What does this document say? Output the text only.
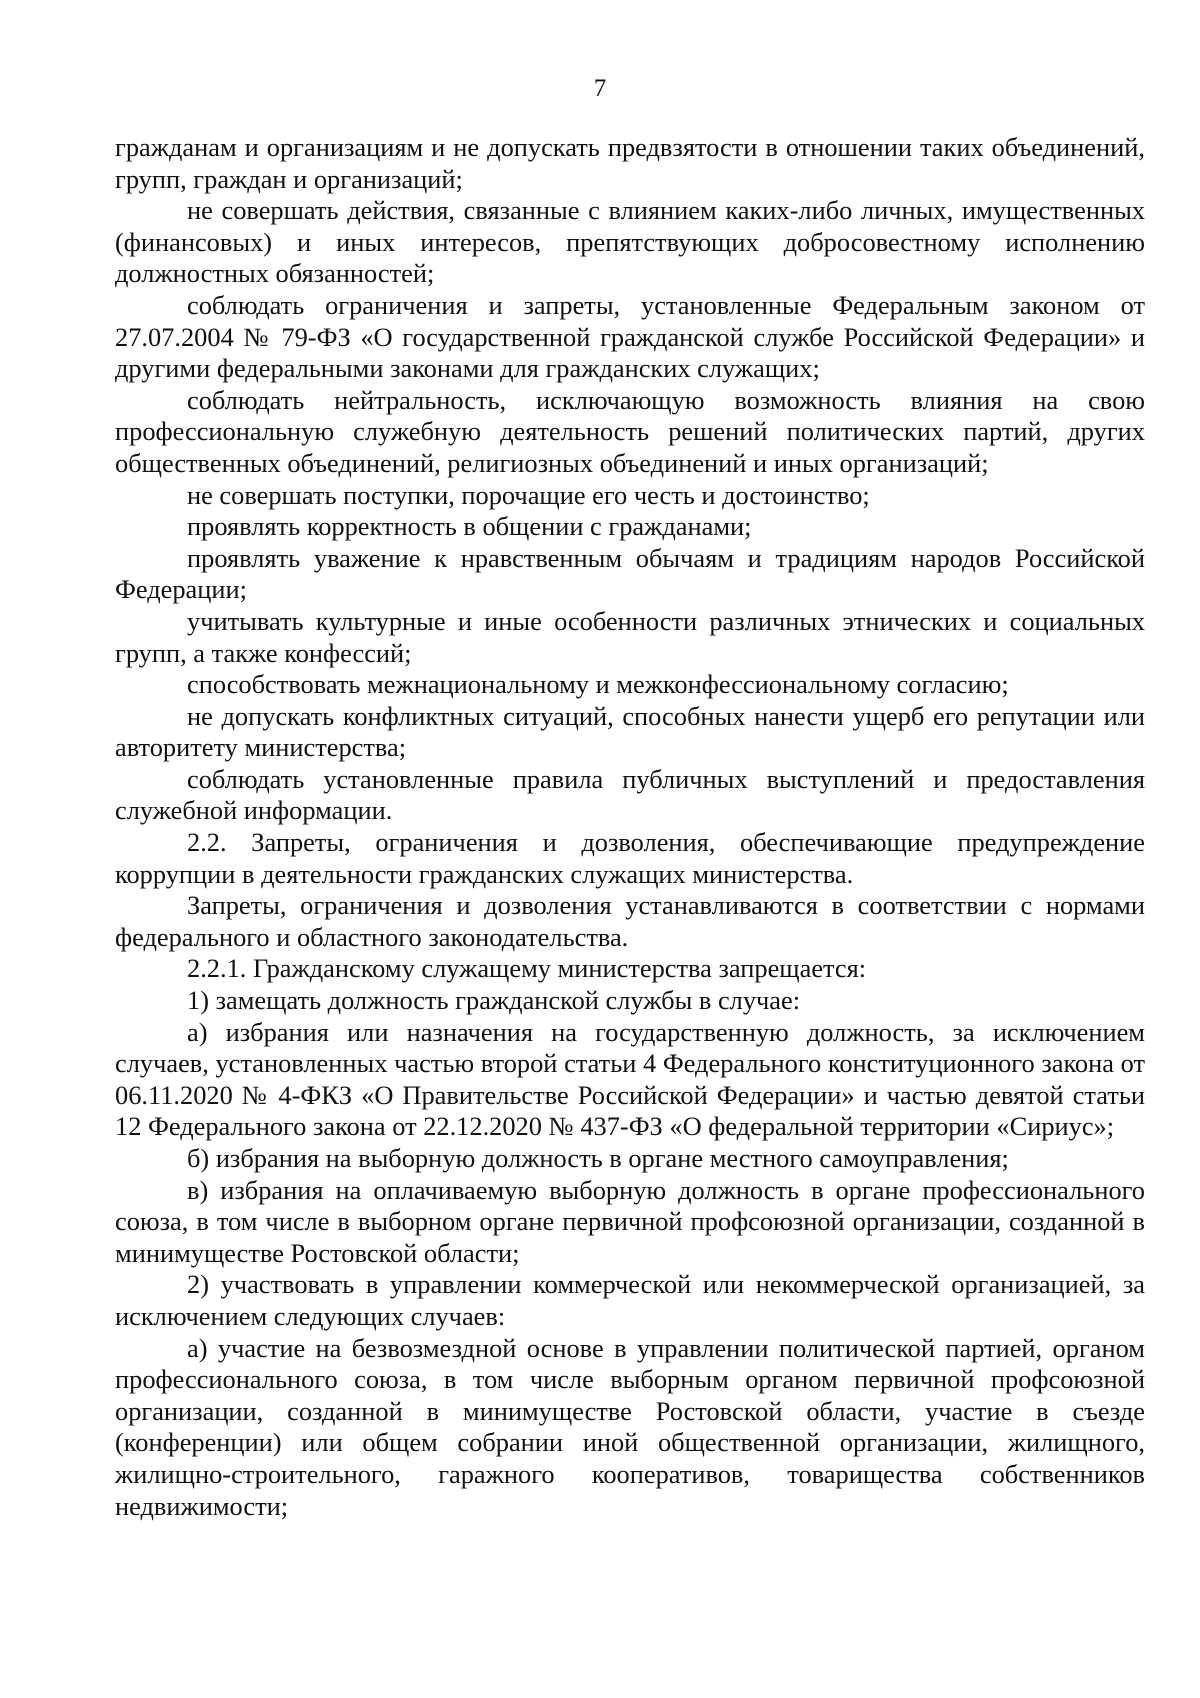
7

гражданам и организациям и не допускать предвзятости в отношении таких объединений, групп, граждан и организаций;

не совершать действия, связанные с влиянием каких-либо личных, имущественных (финансовых) и иных интересов, препятствующих добросовестному исполнению должностных обязанностей;

соблюдать ограничения и запреты, установленные Федеральным законом от 27.07.2004 № 79-ФЗ «О государственной гражданской службе Российской Федерации» и другими федеральными законами для гражданских служащих;

соблюдать нейтральность, исключающую возможность влияния на свою профессиональную служебную деятельность решений политических партий, других общественных объединений, религиозных объединений и иных организаций;

не совершать поступки, порочащие его честь и достоинство;

проявлять корректность в общении с гражданами;

проявлять уважение к нравственным обычаям и традициям народов Российской Федерации;

учитывать культурные и иные особенности различных этнических и социальных групп, а также конфессий;

способствовать межнациональному и межконфессиональному согласию;

не допускать конфликтных ситуаций, способных нанести ущерб его репутации или авторитету министерства;

соблюдать установленные правила публичных выступлений и предоставления служебной информации.

2.2. Запреты, ограничения и дозволения, обеспечивающие предупреждение коррупции в деятельности гражданских служащих министерства.

Запреты, ограничения и дозволения устанавливаются в соответствии с нормами федерального и областного законодательства.

2.2.1. Гражданскому служащему министерства запрещается:

1) замещать должность гражданской службы в случае:

а) избрания или назначения на государственную должность, за исключением случаев, установленных частью второй статьи 4 Федерального конституционного закона от 06.11.2020 № 4-ФКЗ «О Правительстве Российской Федерации» и частью девятой статьи 12 Федерального закона от 22.12.2020 № 437-ФЗ «О федеральной территории «Сириус»;

б) избрания на выборную должность в органе местного самоуправления;

в) избрания на оплачиваемую выборную должность в органе профессионального союза, в том числе в выборном органе первичной профсоюзной организации, созданной в минимуществе Ростовской области;

2) участвовать в управлении коммерческой или некоммерческой организацией, за исключением следующих случаев:

а) участие на безвозмездной основе в управлении политической партией, органом профессионального союза, в том числе выборным органом первичной профсоюзной организации, созданной в минимуществе Ростовской области, участие в съезде (конференции) или общем собрании иной общественной организации, жилищного, жилищно-строительного, гаражного кооперативов, товарищества собственников недвижимости;
